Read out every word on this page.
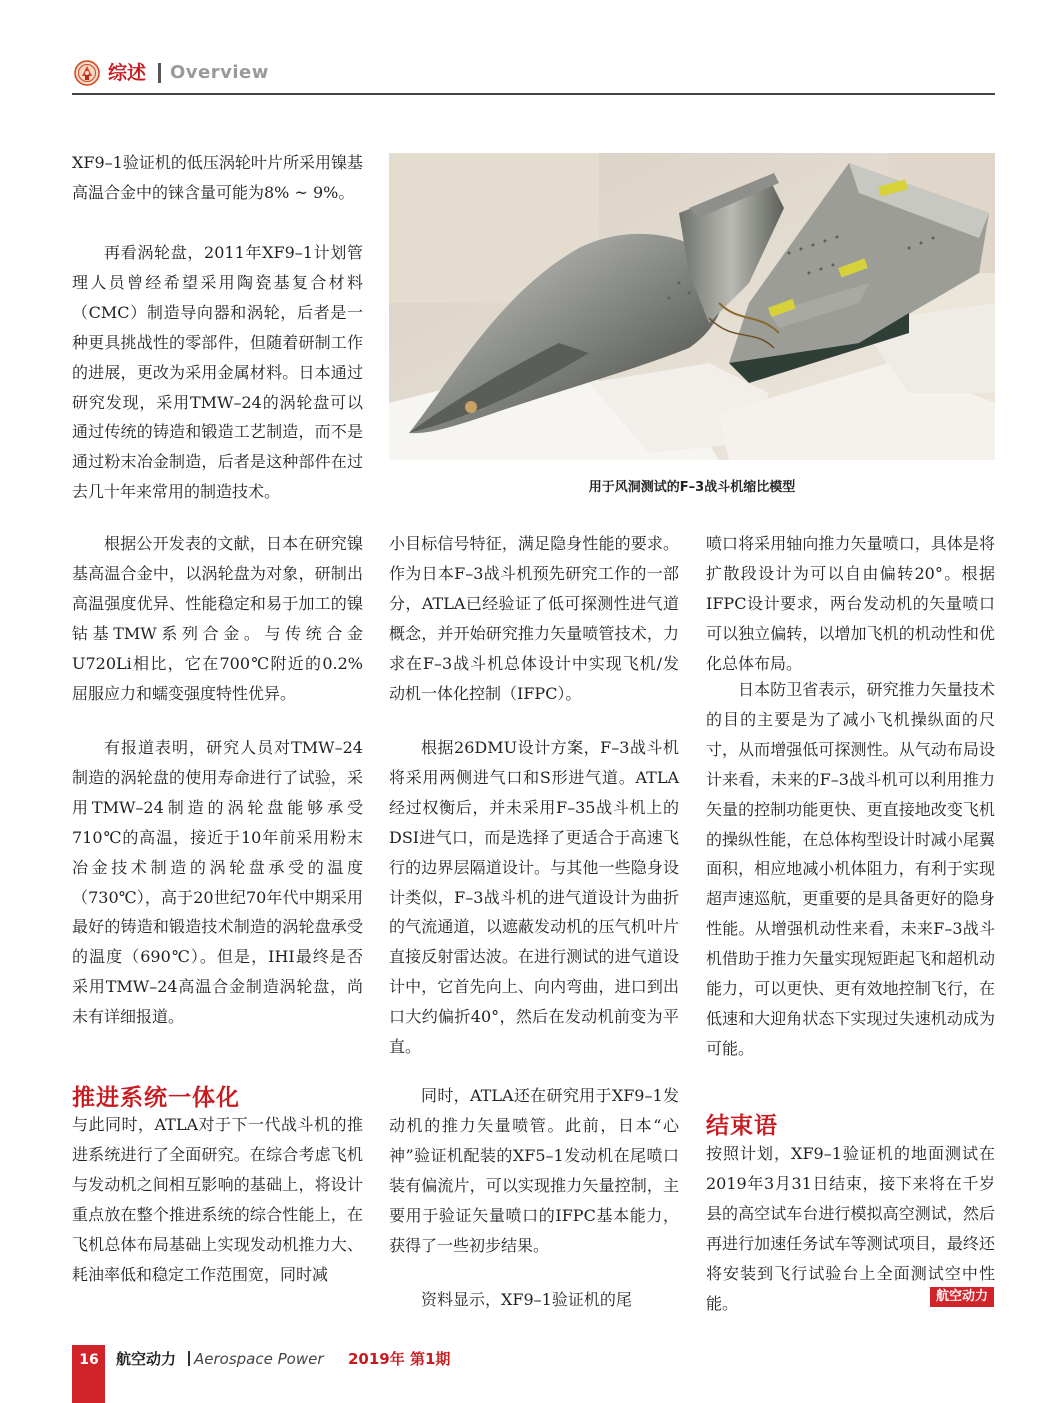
综述 Overview

XF9–1验证机的低压涡轮叶片所采用镍基高温合金中的铼含量可能为8% ~ 9%。

再看涡轮盘，2011年XF9–1计划管理人员曾经希望采用陶瓷基复合材料（CMC）制造导向器和涡轮，后者是一种更具挑战性的零部件，但随着研制工作的进展，更改为采用金属材料。日本通过研究发现，采用TMW–24的涡轮盘可以通过传统的铸造和锻造工艺制造，而不是通过粉末冶金制造，后者是这种部件在过去几十年来常用的制造技术。

根据公开发表的文献，日本在研究镍基高温合金中，以涡轮盘为对象，研制出高温强度优异、性能稳定和易于加工的镍钴基TMW系列合金。与传统合金U720Li相比，它在700℃附近的0.2%屈服应力和蠕变强度特性优异。

有报道表明，研究人员对TMW–24制造的涡轮盘的使用寿命进行了试验，采用TMW–24制造的涡轮盘能够承受710℃的高温，接近于10年前采用粉末冶金技术制造的涡轮盘承受的温度（730℃），高于20世纪70年代中期采用最好的铸造和锻造技术制造的涡轮盘承受的温度（690℃）。但是，IHI最终是否采用TMW–24高温合金制造涡轮盘，尚未有详细报道。

推进系统一体化

与此同时，ATLA对于下一代战斗机的推进系统进行了全面研究。在综合考虑飞机与发动机之间相互影响的基础上，将设计重点放在整个推进系统的综合性能上，在飞机总体布局基础上实现发动机推力大、耗油率低和稳定工作范围宽，同时减

用于风洞测试的F–3战斗机缩比模型

小目标信号特征，满足隐身性能的要求。作为日本F–3战斗机预先研究工作的一部分，ATLA已经验证了低可探测性进气道概念，并开始研究推力矢量喷管技术，力求在F–3战斗机总体设计中实现飞机/发动机一体化控制（IFPC）。

根据26DMU设计方案，F–3战斗机将采用两侧进气口和S形进气道。ATLA经过权衡后，并未采用F–35战斗机上的DSI进气口，而是选择了更适合于高速飞行的边界层隔道设计。与其他一些隐身设计类似，F–3战斗机的进气道设计为曲折的气流通道，以遮蔽发动机的压气机叶片直接反射雷达波。在进行测试的进气道设计中，它首先向上、向内弯曲，进口到出口大约偏折40°，然后在发动机前变为平直。

同时，ATLA还在研究用于XF9–1发动机的推力矢量喷管。此前，日本“心神”验证机配装的XF5–1发动机在尾喷口装有偏流片，可以实现推力矢量控制，主要用于验证矢量喷口的IFPC基本能力，获得了一些初步结果。

资料显示，XF9–1验证机的尾

喷口将采用轴向推力矢量喷口，具体是将扩散段设计为可以自由偏转20°。根据IFPC设计要求，两台发动机的矢量喷口可以独立偏转，以增加飞机的机动性和优化总体布局。

日本防卫省表示，研究推力矢量技术的目的主要是为了减小飞机操纵面的尺寸，从而增强低可探测性。从气动布局设计来看，未来的F–3战斗机可以利用推力矢量的控制功能更快、更直接地改变飞机的操纵性能，在总体构型设计时减小尾翼面积，相应地减小机体阻力，有利于实现超声速巡航，更重要的是具备更好的隐身性能。从增强机动性来看，未来F–3战斗机借助于推力矢量实现短距起飞和超机动能力，可以更快、更有效地控制飞行，在低速和大迎角状态下实现过失速机动成为可能。

结束语

按照计划，XF9–1验证机的地面测试在2019年3月31日结束，接下来将在千岁县的高空试车台进行模拟高空测试，然后再进行加速任务试车等测试项目，最终还将安装到飞行试验台上全面测试空中性能。	航空动力
16	航空动力 Aerospace Power 2019年 第1期
